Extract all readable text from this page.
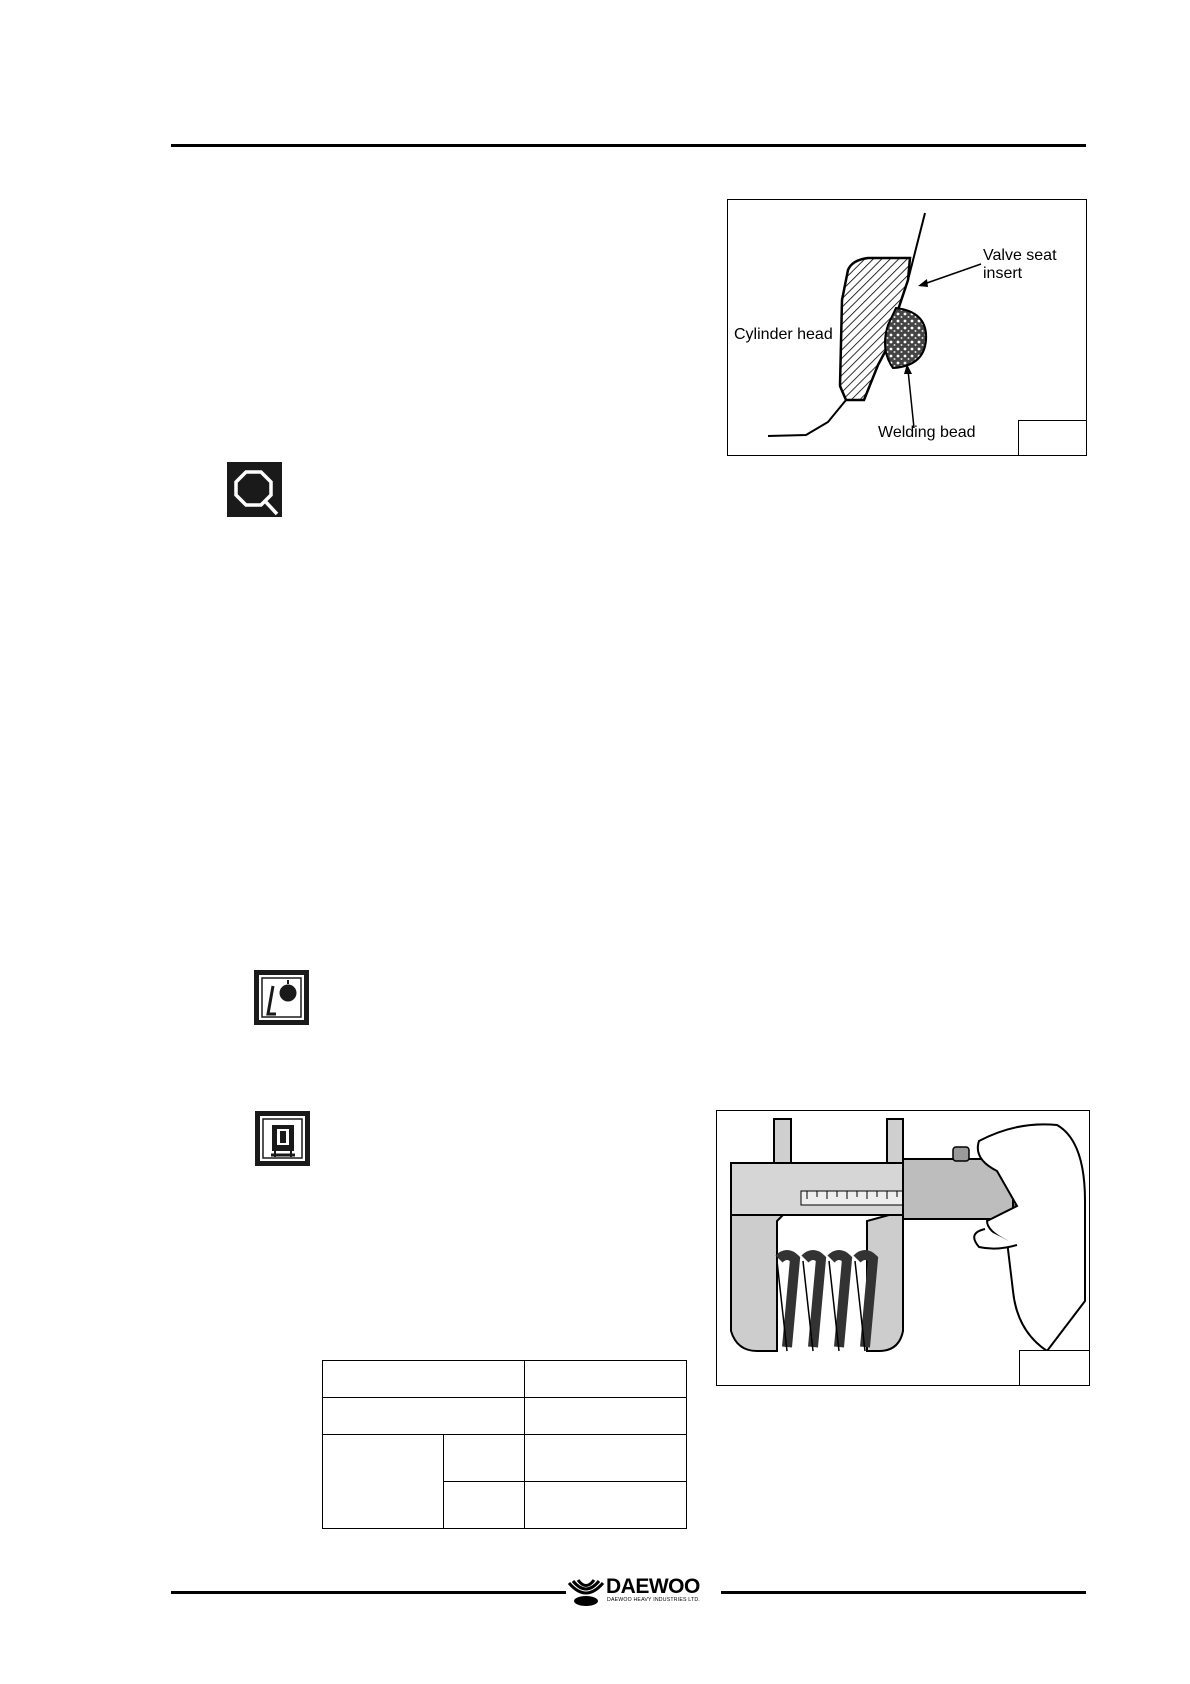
Valve seat
insert
Cylinder head
Welding bead

DAEWOO
DAEWOO HEAVY INDUSTRIES LTD.
